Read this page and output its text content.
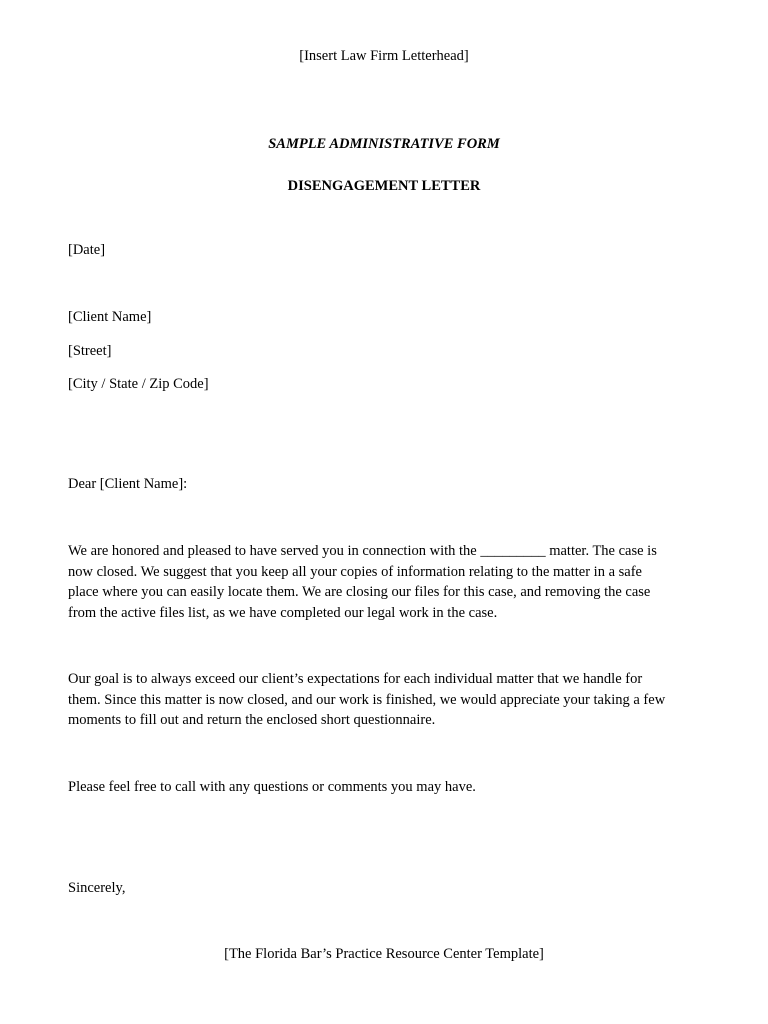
[Insert Law Firm Letterhead]
SAMPLE ADMINISTRATIVE FORM
DISENGAGEMENT LETTER
[Date]
[Client Name]
[Street]
[City / State / Zip Code]
Dear [Client Name]:
We are honored and pleased to have served you in connection with the _________ matter. The case is
now closed. We suggest that you keep all your copies of information relating to the matter in a safe
place where you can easily locate them. We are closing our files for this case, and removing the case
from the active files list, as we have completed our legal work in the case.
Our goal is to always exceed our client’s expectations for each individual matter that we handle for
them. Since this matter is now closed, and our work is finished, we would appreciate your taking a few
moments to fill out and return the enclosed short questionnaire.
Please feel free to call with any questions or comments you may have.
Sincerely,
[The Florida Bar’s Practice Resource Center Template]
